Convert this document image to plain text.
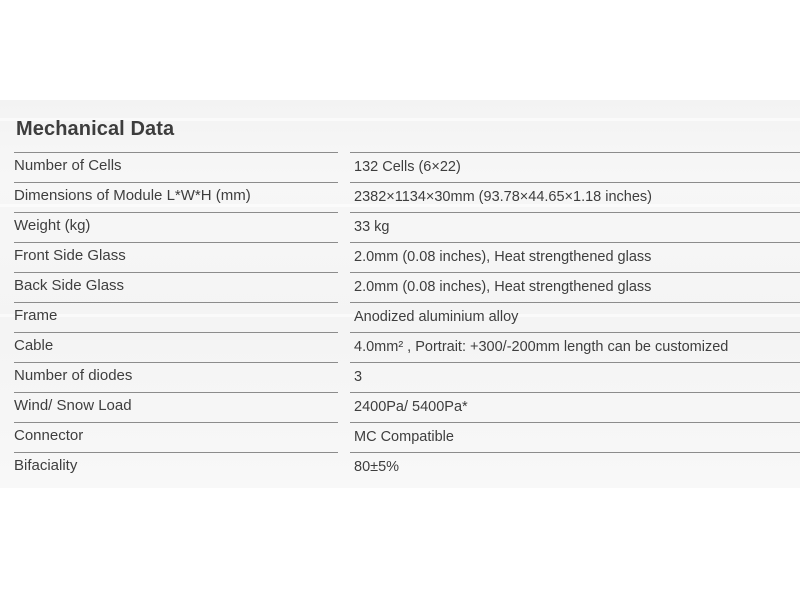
Mechanical Data
Number of Cells	132 Cells (6×22)
Dimensions of Module L*W*H (mm)	2382×1134×30mm (93.78×44.65×1.18 inches)
Weight (kg)	33 kg
Front Side Glass	2.0mm (0.08 inches), Heat strengthened glass
Back Side Glass	2.0mm (0.08 inches), Heat strengthened glass
Frame	Anodized aluminium alloy
Cable	4.0mm² , Portrait: +300/-200mm length can be customized
Number of diodes	3
Wind/ Snow Load	2400Pa/ 5400Pa*
Connector	MC Compatible
Bifaciality	80±5%
